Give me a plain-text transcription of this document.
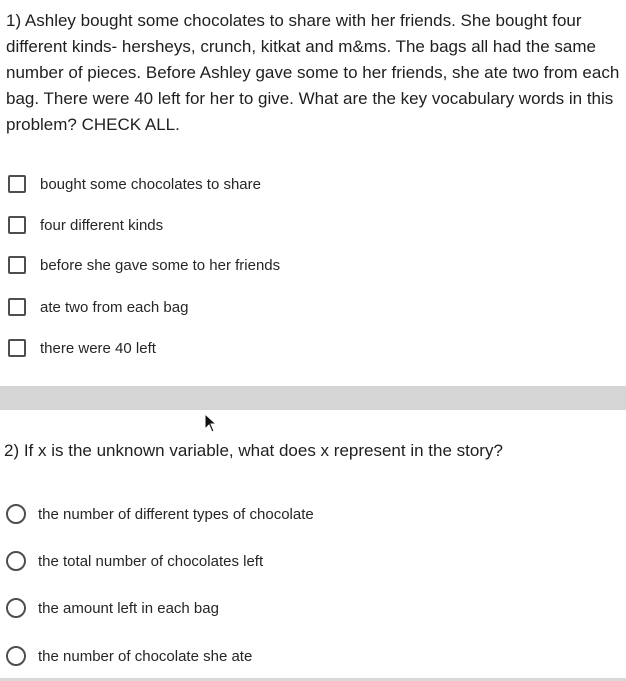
1) Ashley bought some chocolates to share with her friends. She bought four different kinds- hersheys, crunch, kitkat and m&ms. The bags all had the same number of pieces. Before Ashley gave some to her friends, she ate two from each bag. There were 40 left for her to give. What are the key vocabulary words in this problem? CHECK ALL.

bought some chocolates to share
four different kinds
before she gave some to her friends
ate two from each bag
there were 40 left

2) If x is the unknown variable, what does x represent in the story?

the number of different types of chocolate
the total number of chocolates left
the amount left in each bag
the number of chocolate she ate
